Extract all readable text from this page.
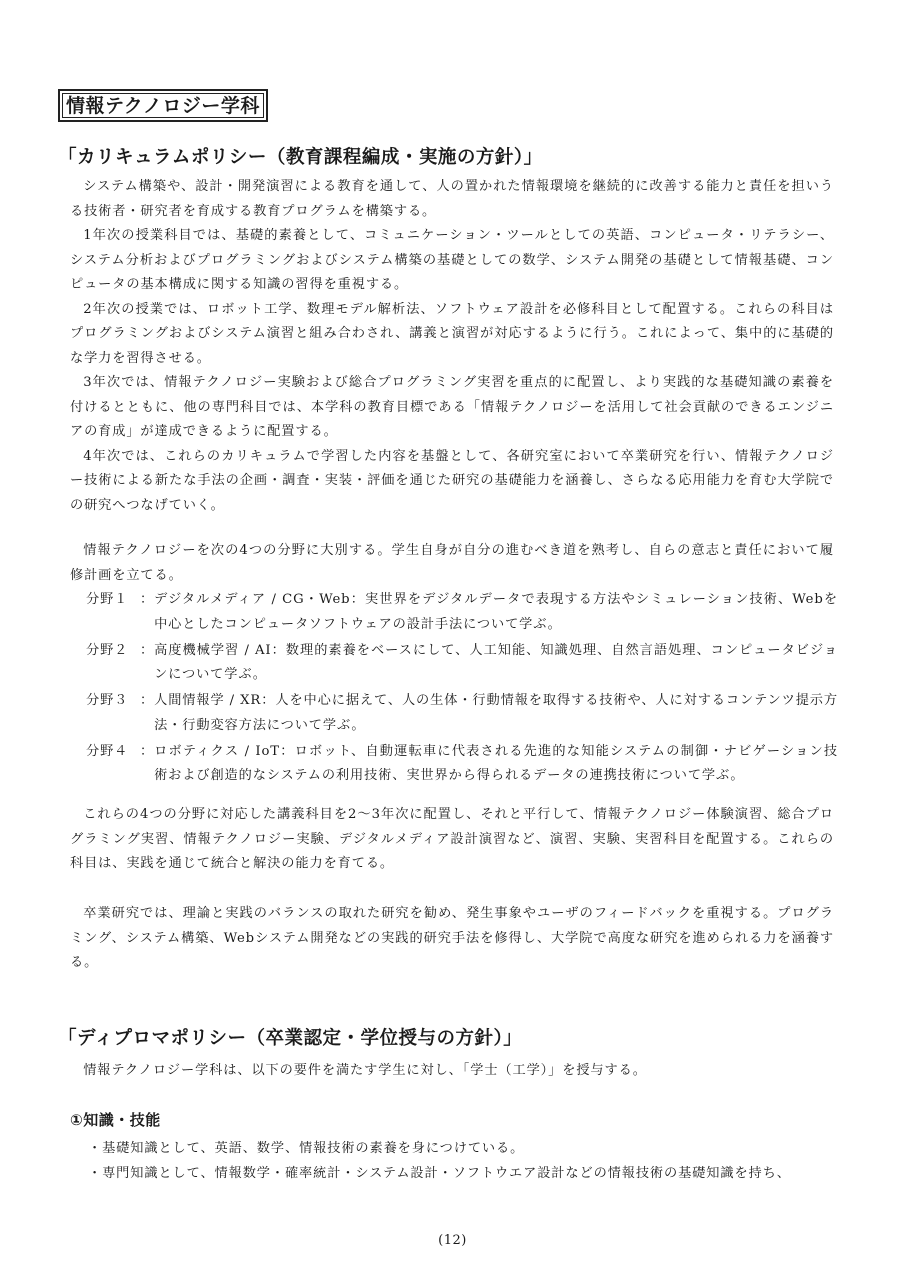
情報テクノロジー学科
「カリキュラムポリシー（教育課程編成・実施の方針）」
システム構築や、設計・開発演習による教育を通して、人の置かれた情報環境を継続的に改善する能力と責任を担いうる技術者・研究者を育成する教育プログラムを構築する。
1年次の授業科目では、基礎的素養として、コミュニケーション・ツールとしての英語、コンピュータ・リテラシー、システム分析およびプログラミングおよびシステム構築の基礎としての数学、システム開発の基礎として情報基礎、コンピュータの基本構成に関する知識の習得を重視する。
2年次の授業では、ロボット工学、数理モデル解析法、ソフトウェア設計を必修科目として配置する。これらの科目はプログラミングおよびシステム演習と組み合わされ、講義と演習が対応するように行う。これによって、集中的に基礎的な学力を習得させる。
3年次では、情報テクノロジー実験および総合プログラミング実習を重点的に配置し、より実践的な基礎知識の素養を付けるとともに、他の専門科目では、本学科の教育目標である「情報テクノロジーを活用して社会貢献のできるエンジニアの育成」が達成できるように配置する。
4年次では、これらのカリキュラムで学習した内容を基盤として、各研究室において卒業研究を行い、情報テクノロジー技術による新たな手法の企画・調査・実装・評価を通じた研究の基礎能力を涵養し、さらなる応用能力を育む大学院での研究へつなげていく。
情報テクノロジーを次の4つの分野に大別する。学生自身が自分の進むべき道を熟考し、自らの意志と責任において履修計画を立てる。
分野１ ： デジタルメディア / CG・Web：実世界をデジタルデータで表現する方法やシミュレーション技術、Webを中心としたコンピュータソフトウェアの設計手法について学ぶ。
分野２ ： 高度機械学習 / AI：数理的素養をベースにして、人工知能、知識処理、自然言語処理、コンピュータビジョンについて学ぶ。
分野３ ： 人間情報学 / XR：人を中心に据えて、人の生体・行動情報を取得する技術や、人に対するコンテンツ提示方法・行動変容方法について学ぶ。
分野４ ： ロボティクス / IoT：ロボット、自動運転車に代表される先進的な知能システムの制御・ナビゲーション技術および創造的なシステムの利用技術、実世界から得られるデータの連携技術について学ぶ。
これらの4つの分野に対応した講義科目を2〜3年次に配置し、それと平行して、情報テクノロジー体験演習、総合プログラミング実習、情報テクノロジー実験、デジタルメディア設計演習など、演習、実験、実習科目を配置する。これらの科目は、実践を通じて統合と解決の能力を育てる。
卒業研究では、理論と実践のバランスの取れた研究を勧め、発生事象やユーザのフィードバックを重視する。プログラミング、システム構築、Webシステム開発などの実践的研究手法を修得し、大学院で高度な研究を進められる力を涵養する。
「ディプロマポリシー（卒業認定・学位授与の方針）」
情報テクノロジー学科は、以下の要件を満たす学生に対し、「学士（工学）」を授与する。
①知識・技能
・ 基礎知識として、英語、数学、情報技術の素養を身につけている。
・ 専門知識として、情報数学・確率統計・システム設計・ソフトウエア設計などの情報技術の基礎知識を持ち、
(12)
